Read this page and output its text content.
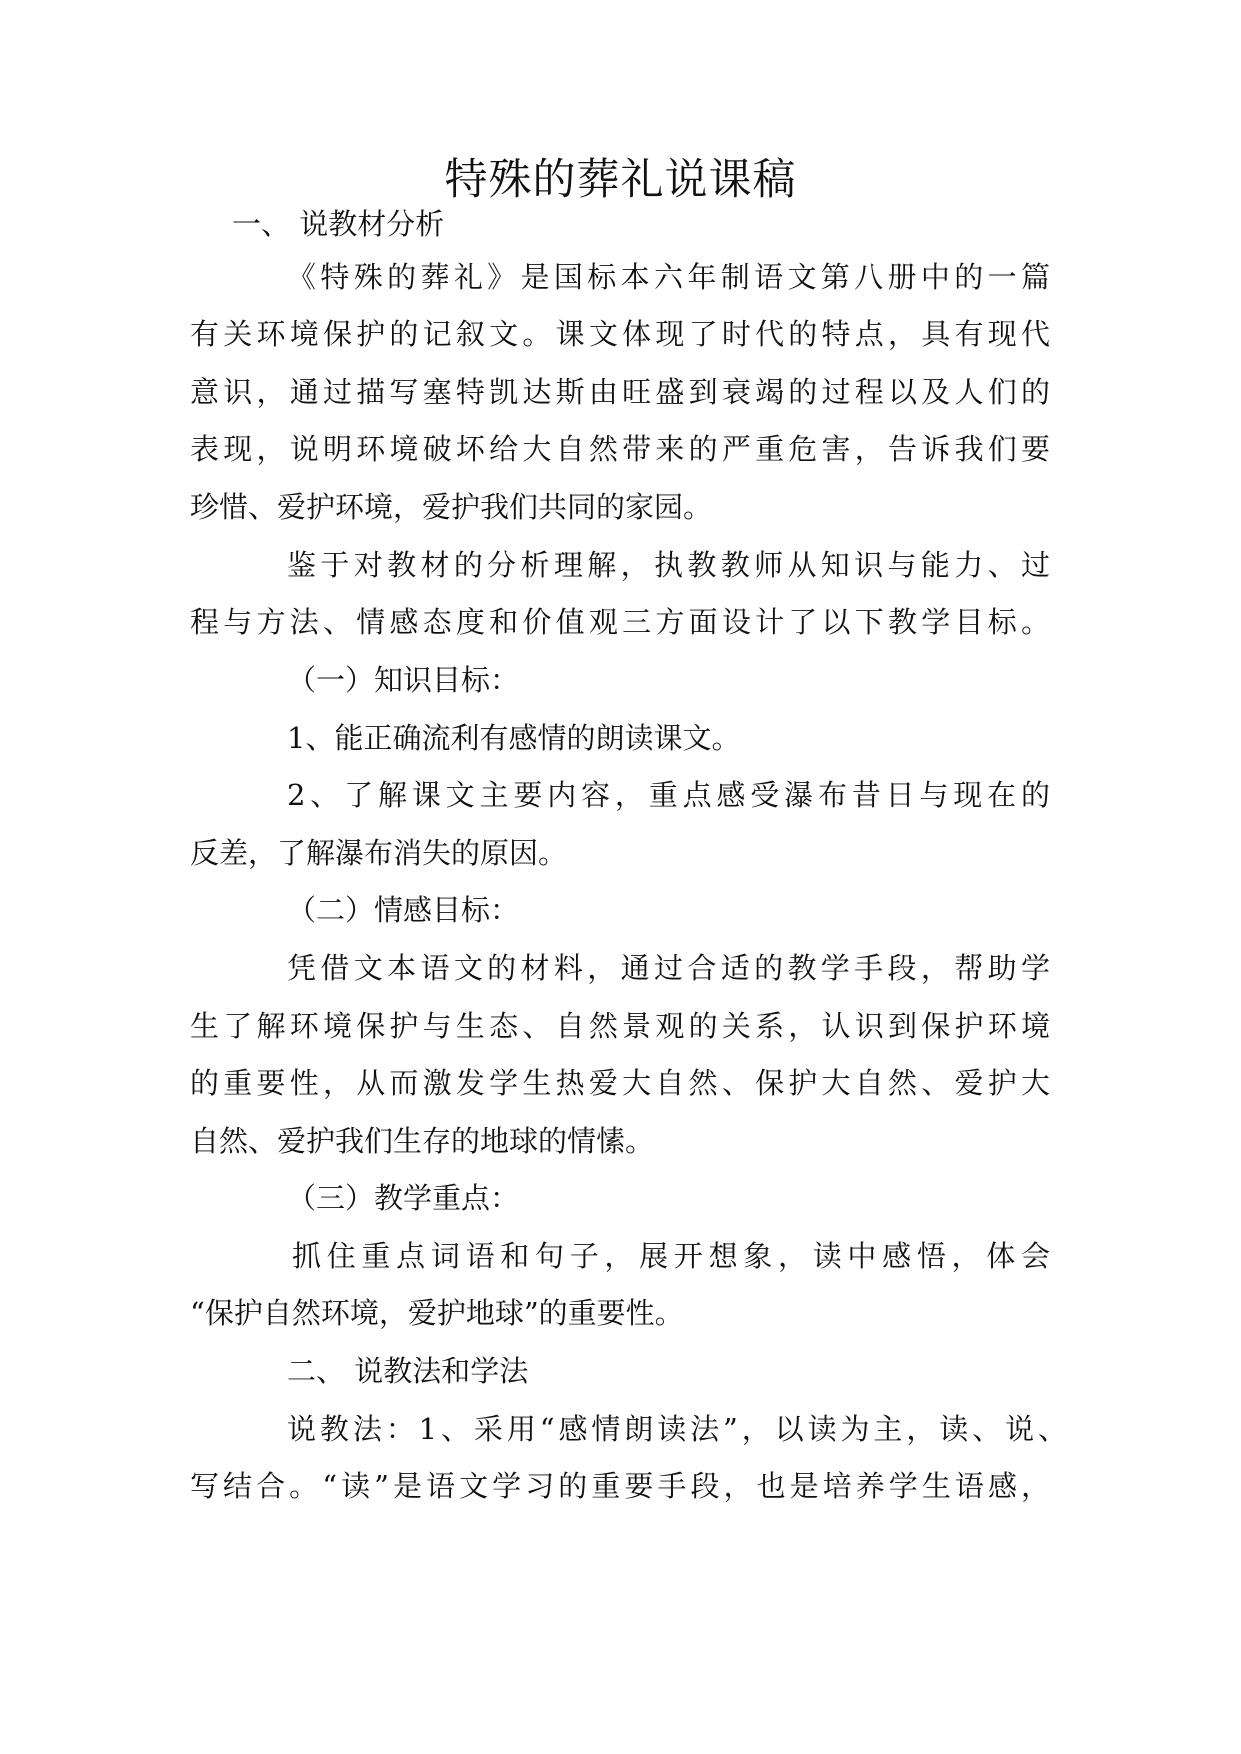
特殊的葬礼说课稿

一、 说教材分析

《特殊的葬礼》是国标本六年制语文第八册中的一篇

有关环境保护的记叙文。课文体现了时代的特点，具有现代

意识，通过描写塞特凯达斯由旺盛到衰竭的过程以及人们的

表现，说明环境破坏给大自然带来的严重危害，告诉我们要

珍惜、爱护环境，爱护我们共同的家园。

鉴于对教材的分析理解，执教教师从知识与能力、过

程与方法、情感态度和价值观三方面设计了以下教学目标。

（一）知识目标：

1、能正确流利有感情的朗读课文。

2、了解课文主要内容，重点感受瀑布昔日与现在的

反差，了解瀑布消失的原因。

（二）情感目标：

凭借文本语文的材料，通过合适的教学手段，帮助学

生了解环境保护与生态、自然景观的关系，认识到保护环境

的重要性，从而激发学生热爱大自然、保护大自然、爱护大

自然、爱护我们生存的地球的情愫。

（三）教学重点：

抓住重点词语和句子，展开想象，读中感悟，体会

“保护自然环境，爱护地球”的重要性。

二、 说教法和学法

说教法：1、采用“感情朗读法”，以读为主，读、说、

写结合。“读”是语文学习的重要手段，也是培养学生语感，
